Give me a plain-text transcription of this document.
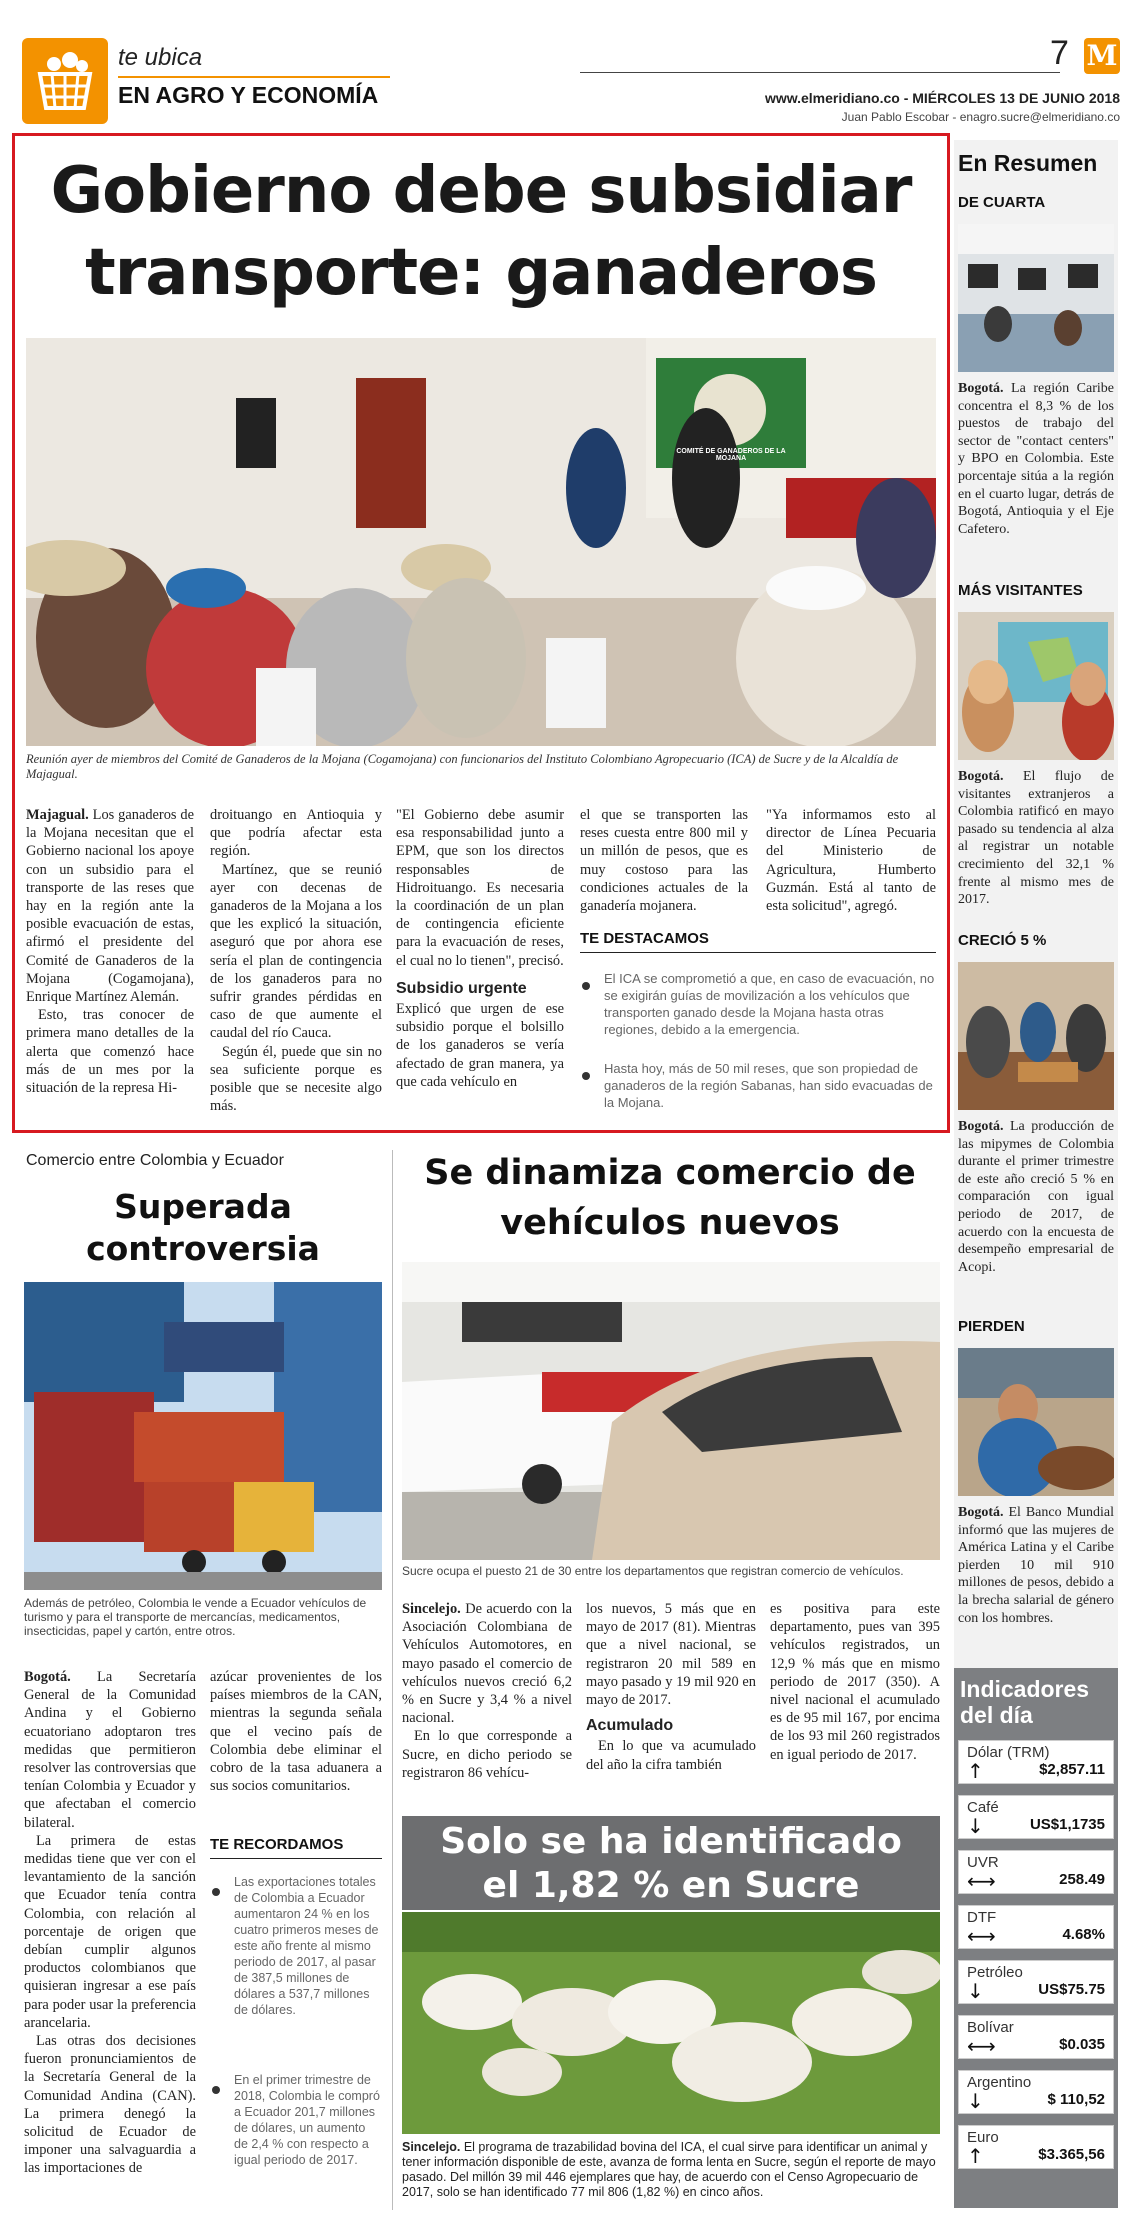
te ubica
EN AGRO Y ECONOMÍA
7 M
www.elmeridiano.co - MIÉRCOLES 13 DE JUNIO 2018
Juan Pablo Escobar - enagro.sucre@elmeridiano.co
Gobierno debe subsidiar
transporte: ganaderos
COMITÉ DE GANADEROS DE LA MOJANA
Reunión ayer de miembros del Comité de Ganaderos de la Mojana (Cogamojana) con funcionarios del Instituto Colombiano Agropecuario (ICA) de Sucre y de la Alcaldía de Majagual.

Majagual. Los ganaderos de la Mojana necesitan que el Gobierno nacional los apoye con un subsidio para el transporte de las reses que hay en la región ante la posible evacuación de estas, afirmó el presidente del Comité de Ganaderos de la Mojana (Cogamojana), Enrique Martínez Alemán.

Esto, tras conocer de primera mano detalles de la alerta que comenzó hace más de un mes por la situación de la represa Hi-

droituango en Antioquia y que podría afectar esta región.

Martínez, que se reunió ayer con decenas de ganaderos de la Mojana a los que les explicó la situación, aseguró que por ahora ese sería el plan de contingencia de los ganaderos para no sufrir grandes pérdidas en caso de que aumente el caudal del río Cauca.

Según él, puede que sin no sea suficiente porque es posible que se necesite algo más.

"El Gobierno debe asumir esa responsabilidad junto a EPM, que son los directos responsables de Hidroituango. Es necesaria la coordinación de un plan de contingencia eficiente para la evacuación de reses, el cual no lo tienen", precisó.

Subsidio urgente

Explicó que urgen de ese subsidio porque el bolsillo de los ganaderos se vería afectado de gran manera, ya que cada vehículo en

el que se transporten las reses cuesta entre 800 mil y un millón de pesos, que es muy costoso para las condiciones actuales de la ganadería mojanera.

"Ya informamos esto al director de Línea Pecuaria del Ministerio de Agricultura, Humberto Guzmán. Está al tanto de esta solicitud", agregó.

TE DESTACAMOS
El ICA se comprometió a que, en caso de evacuación, no se exigirán guías de movilización a los vehículos que transporten ganado desde la Mojana hasta otras regiones, debido a la emergencia.
Hasta hoy, más de 50 mil reses, que son propiedad de ganaderos de la región Sabanas, han sido evacuadas de la Mojana.
Comercio entre Colombia y Ecuador
Superada
controversia
Además de petróleo, Colombia le vende a Ecuador vehículos de turismo y para el transporte de mercancías, medicamentos, insecticidas, papel y cartón, entre otros.

Bogotá. La Secretaría General de la Comunidad Andina y el Gobierno ecuatoriano adoptaron tres medidas que permitieron resolver las controversias que tenían Colombia y Ecuador y que afectaban el comercio bilateral.

La primera de estas medidas tiene que ver con el levantamiento de la sanción que Ecuador tenía contra Colombia, con relación al porcentaje de origen que debían cumplir algunos productos colombianos que quisieran ingresar a ese país para poder usar la preferencia arancelaria.

Las otras dos decisiones fueron pronunciamientos de la Secretaría General de la Comunidad Andina (CAN). La primera denegó la solicitud de Ecuador de imponer una salvaguardia a las importaciones de

azúcar provenientes de los países miembros de la CAN, mientras la segunda señala que el vecino país de Colombia debe eliminar el cobro de la tasa aduanera a sus socios comunitarios.

TE RECORDAMOS
Las exportaciones totales de Colombia a Ecuador aumentaron 24 % en los cuatro primeros meses de este año frente al mismo periodo de 2017, al pasar de 387,5 millones de dólares a 537,7 millones de dólares.
En el primer trimestre de 2018, Colombia le compró a Ecuador 201,7 millones de dólares, un aumento de 2,4 % con respecto a igual periodo de 2017.
Se dinamiza comercio de
vehículos nuevos
Sucre ocupa el puesto 21 de 30 entre los departamentos que registran comercio de vehículos.

Sincelejo. De acuerdo con la Asociación Colombiana de Vehículos Automotores, en mayo pasado el comercio de vehículos nuevos creció 6,2 % en Sucre y 3,4 % a nivel nacional.

En lo que corresponde a Sucre, en dicho periodo se registraron 86 vehícu-

los nuevos, 5 más que en mayo de 2017 (81). Mientras que a nivel nacional, se registraron 20 mil 589 en mayo pasado y 19 mil 920 en mayo de 2017.

Acumulado

En lo que va acumulado del año la cifra también

es positiva para este departamento, pues van 395 vehículos registrados, un 12,9 % más que en mismo periodo de 2017 (350). A nivel nacional el acumulado es de 95 mil 167, por encima de los 93 mil 260 registrados en igual periodo de 2017.

Solo se ha identificado
el 1,82 % en Sucre
Sincelejo. El programa de trazabilidad bovina del ICA, el cual sirve para identificar un animal y tener información disponible de este, avanza de forma lenta en Sucre, según el reporte de mayo pasado. Del millón 39 mil 446 ejemplares que hay, de acuerdo con el Censo Agropecuario de 2017, solo se han identificado 77 mil 806 (1,82 %) en cinco años.
En Resumen
DE CUARTA
Bogotá. La región Caribe concentra el 8,3 % de los puestos de trabajo del sector de "contact centers" y BPO en Colombia. Este porcentaje sitúa a la región en el cuarto lugar, detrás de Bogotá, Antioquia y el Eje Cafetero.
MÁS VISITANTES
Bogotá. El flujo de visitantes extranjeros a Colombia ratificó en mayo pasado su tendencia al alza al registrar un notable crecimiento del 32,1 % frente al mismo mes de 2017.
CRECIÓ 5 %
Bogotá. La producción de las mipymes de Colombia durante el primer trimestre de este año creció 5 % en comparación con igual periodo de 2017, de acuerdo con la encuesta de desempeño empresarial de Acopi.
PIERDEN
Bogotá. El Banco Mundial informó que las mujeres de América Latina y el Caribe pierden 10 mil 910 millones de pesos, debido a la brecha salarial de género con los hombres.
Indicadores
del día
Dólar (TRM)
↑	$2,857.11
Café
↓	US$1,1735
UVR
⟷	258.49
DTF
⟷	4.68%
Petróleo
↓	US$75.75
Bolívar
⟷	$0.035
Argentino
↓	$ 110,52
Euro
↑	$3.365,56
